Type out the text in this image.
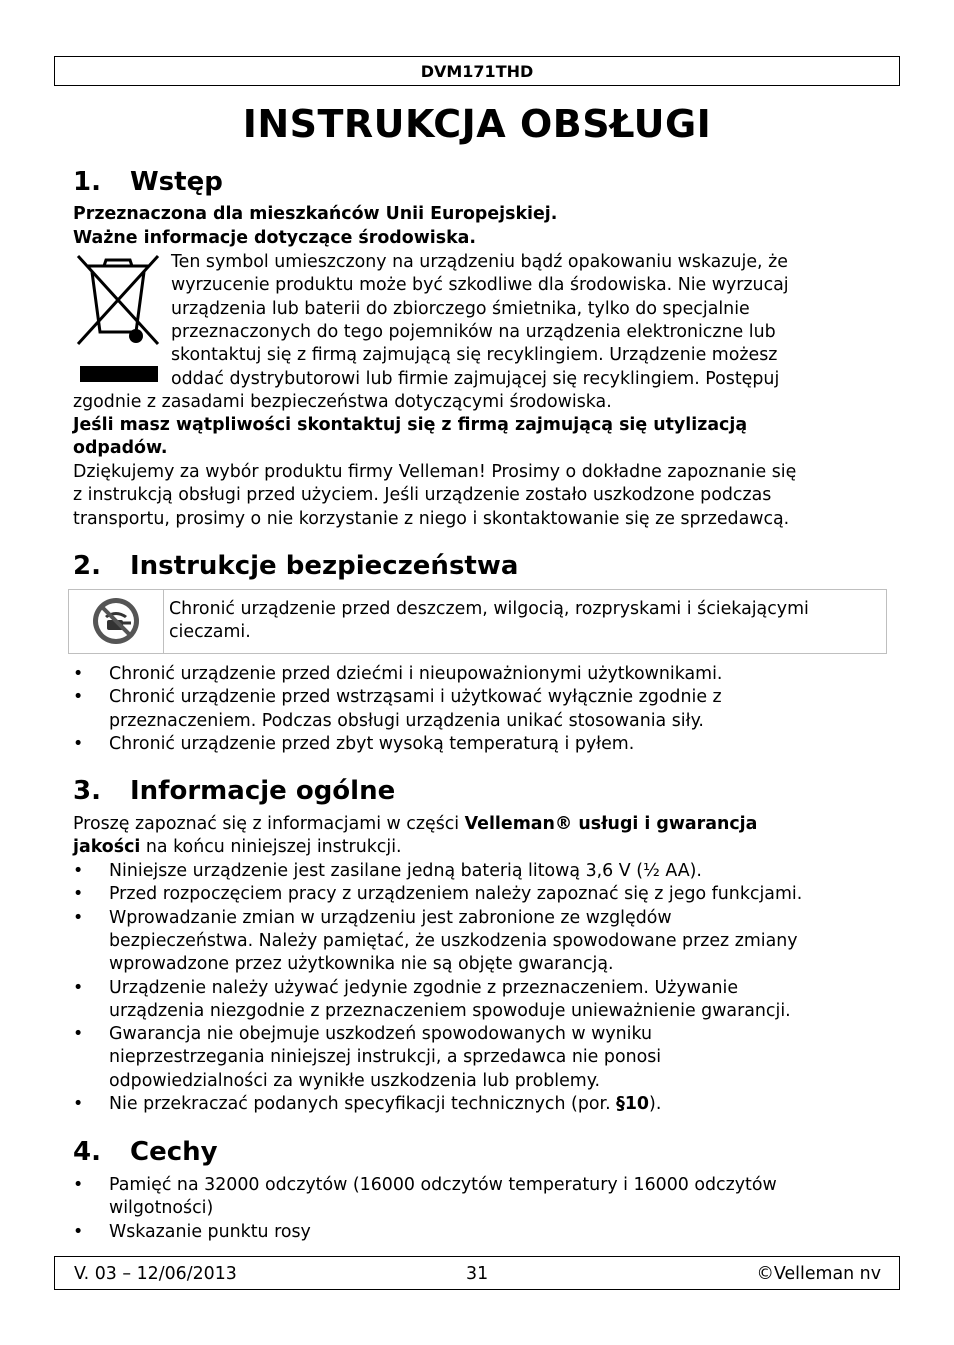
DVM171THD
INSTRUKCJA OBSŁUGI
1. Wstęp
Przeznaczona dla mieszkańców Unii Europejskiej.
Ważne informacje dotyczące środowiska.
Ten symbol umieszczony na urządzeniu bądź opakowaniu wskazuje, że
wyrzucenie produktu może być szkodliwe dla środowiska. Nie wyrzucaj
urządzenia lub baterii do zbiorczego śmietnika, tylko do specjalnie
przeznaczonych do tego pojemników na urządzenia elektroniczne lub
skontaktuj się z firmą zajmującą się recyklingiem. Urządzenie możesz
oddać dystrybutorowi lub firmie zajmującej się recyklingiem. Postępuj
zgodnie z zasadami bezpieczeństwa dotyczącymi środowiska.
Jeśli masz wątpliwości skontaktuj się z firmą zajmującą się utylizacją
odpadów.
Dziękujemy za wybór produktu firmy Velleman! Prosimy o dokładne zapoznanie się
z instrukcją obsługi przed użyciem. Jeśli urządzenie zostało uszkodzone podczas
transportu, prosimy o nie korzystanie z niego i skontaktowanie się ze sprzedawcą.
2. Instrukcje bezpieczeństwa
Chronić urządzenie przed deszczem, wilgocią, rozpryskami i ściekającymi
cieczami.
• Chronić urządzenie przed dziećmi i nieupoważnionymi użytkownikami.
• Chronić urządzenie przed wstrząsami i użytkować wyłącznie zgodnie z
przeznaczeniem. Podczas obsługi urządzenia unikać stosowania siły.
• Chronić urządzenie przed zbyt wysoką temperaturą i pyłem.
3. Informacje ogólne
Proszę zapoznać się z informacjami w części Velleman® usługi i gwarancja
jakości na końcu niniejszej instrukcji.
• Niniejsze urządzenie jest zasilane jedną baterią litową 3,6 V (½ AA).
• Przed rozpoczęciem pracy z urządzeniem należy zapoznać się z jego funkcjami.
• Wprowadzanie zmian w urządzeniu jest zabronione ze względów
bezpieczeństwa. Należy pamiętać, że uszkodzenia spowodowane przez zmiany
wprowadzone przez użytkownika nie są objęte gwarancją.
• Urządzenie należy używać jedynie zgodnie z przeznaczeniem. Używanie
urządzenia niezgodnie z przeznaczeniem spowoduje unieważnienie gwarancji.
• Gwarancja nie obejmuje uszkodzeń spowodowanych w wyniku
nieprzestrzegania niniejszej instrukcji, a sprzedawca nie ponosi
odpowiedzialności za wynikłe uszkodzenia lub problemy.
• Nie przekraczać podanych specyfikacji technicznych (por. §10).
4. Cechy
• Pamięć na 32000 odczytów (16000 odczytów temperatury i 16000 odczytów
wilgotności)
• Wskazanie punktu rosy
V. 03 – 12/06/2013	31	©Velleman nv
